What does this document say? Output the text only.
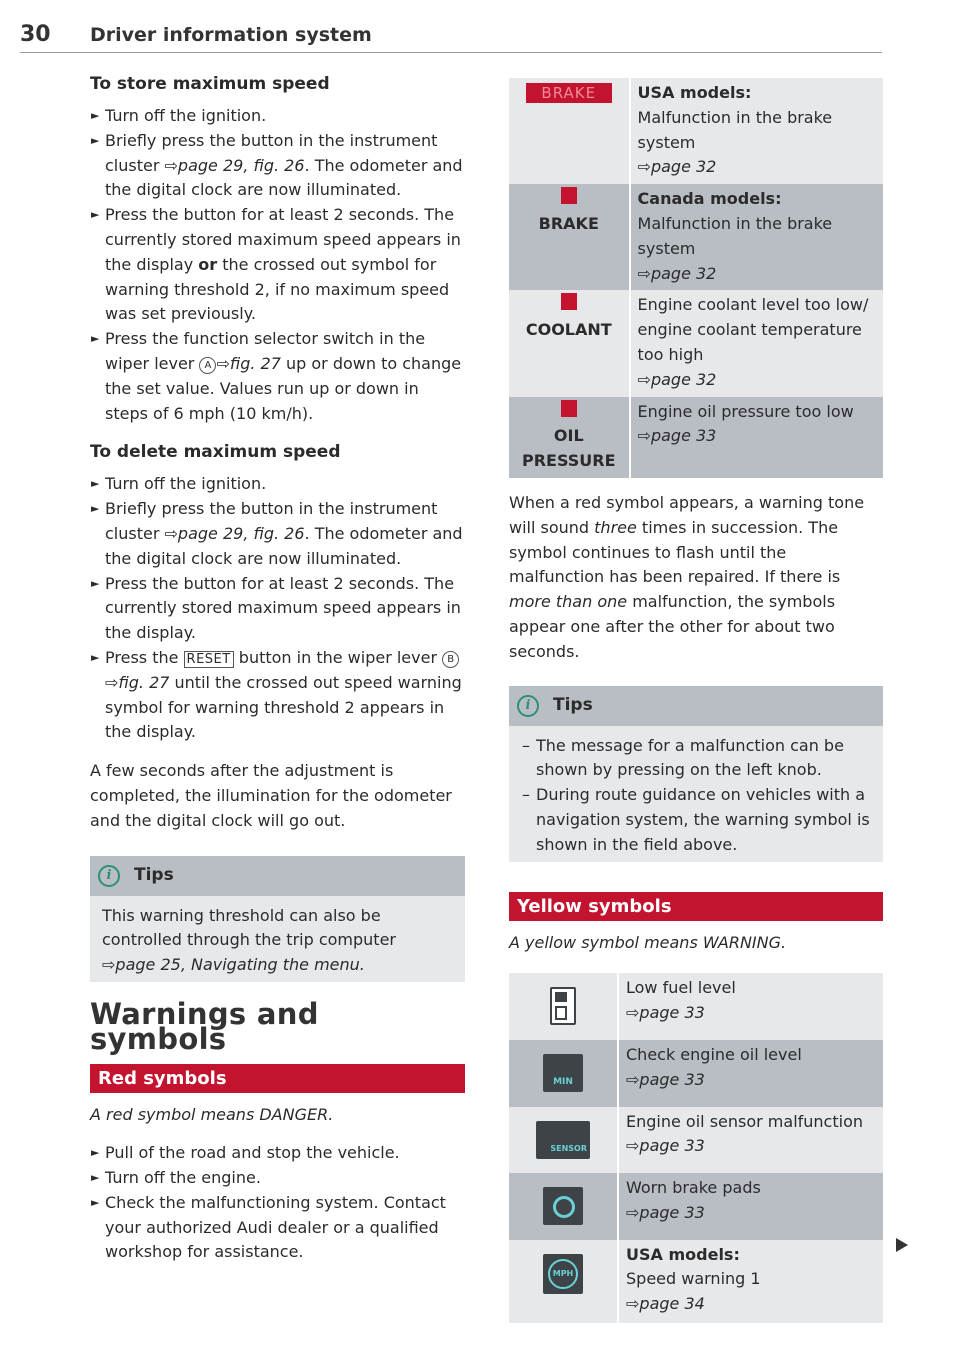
30 Driver information system
To store maximum speed
► Turn off the ignition.
► Briefly press the button in the instrument cluster ⇨page 29, fig. 26. The odometer and the digital clock are now illuminated.
► Press the button for at least 2 seconds. The currently stored maximum speed appears in the display or the crossed out symbol for warning threshold 2, if no maximum speed was set previously.
► Press the function selector switch in the wiper lever A ⇨fig. 27 up or down to change the set value. Values run up or down in steps of 6 mph (10 km/h).
To delete maximum speed
► Turn off the ignition.
► Briefly press the button in the instrument cluster ⇨page 29, fig. 26. The odometer and the digital clock are now illuminated.
► Press the button for at least 2 seconds. The currently stored maximum speed appears in the display.
► Press the RESET button in the wiper lever B⇨fig. 27 until the crossed out speed warning symbol for warning threshold 2 appears in the display.

A few seconds after the adjustment is completed, the illumination for the odometer and the digital clock will go out.

i	Tips

This warning threshold can also be controlled through the trip computer ⇨page 25, Navigating the menu.

Warnings and symbols
Red symbols

A red symbol means DANGER.

► Pull of the road and stop the vehicle.
► Turn off the engine.
► Check the malfunctioning system. Contact your authorized Audi dealer or a qualified workshop for assistance.
BRAKE	USA models:
Malfunction in the brake system
⇨page 32

BRAKE	Canada models:
Malfunction in the brake system
⇨page 32

COOLANT	Engine coolant level too low/ engine coolant temperature too high
⇨page 32

OIL PRESSURE	Engine oil pressure too low
⇨page 33

When a red symbol appears, a warning tone will sound three times in succession. The symbol continues to flash until the malfunction has been repaired. If there is more than one malfunction, the symbols appear one after the other for about two seconds.

i	Tips
– The message for a malfunction can be shown by pressing on the left knob.
– During route guidance on vehicles with a navigation system, the warning symbol is shown in the field above.
Yellow symbols

A yellow symbol means WARNING.

	Low fuel level
⇨page 33

MIN	Check engine oil level
⇨page 33

SENSOR	Engine oil sensor malfunction
⇨page 33

	Worn brake pads
⇨page 33

MPH	USA models:
Speed warning 1
⇨page 34
